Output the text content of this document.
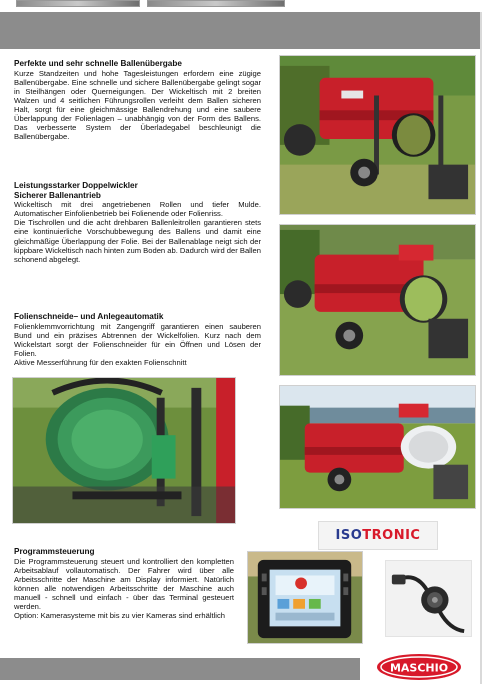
Perfekte und sehr schnelle Ballenübergabe

Kurze Standzeiten und hohe Tagesleistungen erfordern eine zügige Ballenübergabe. Eine schnelle und sichere Ballenübergabe gelingt sogar in Steilhängen oder Querneigungen. Der Wickeltisch mit 2 breiten Walzen und 4 seitlichen Führungsrollen verleiht dem Ballen sicheren Halt, sorgt für eine gleichmässige Ballendrehung und eine saubere Überlappung der Folienlagen – unabhängig von der Form des Ballens. Das verbesserte System der Überladegabel beschleunigt die Ballenübergabe.

Leistungsstarker Doppelwickler
Sicherer Ballenantrieb

Wickeltisch mit drei angetriebenen Rollen und tiefer Mulde. Automatischer Einfolienbetrieb bei Folienende oder Folienriss.

Die Tischrollen und die acht drehbaren Ballenleitrollen garantieren stets eine kontinuierliche Vorschubbewegung des Ballens und damit eine gleichmäßige Überlappung der Folie. Bei der Ballenablage neigt sich der kippbare Wickeltisch nach hinten zum Boden ab. Dadurch wird der Ballen schonend abgelegt.

Folienschneide– und Anlegeautomatik

Folienklemmvorrichtung mit Zangengriff garantieren einen sauberen Bund und ein präzises Abtrennen der Wickelfolien. Kurz nach dem Wickelstart sorgt der Folienschneider für ein Öffnen und Lösen der Folien.

Aktive Messerführung für den exakten Folienschnitt

Programmsteuerung

Die Programmsteuerung steuert und kontrolliert den kompletten Arbeitsablauf vollautomatisch. Der Fahrer wird über alle Arbeitsschritte der Maschine am Display informiert. Natürlich können alle notwendigen Arbeitsschritte der Maschine auch manuell - schnell und einfach - über das Terminal gesteuert werden.

Option: Kamerasysteme mit bis zu vier Kameras sind erhältlich

ISOTRONIC
MASCHIO
